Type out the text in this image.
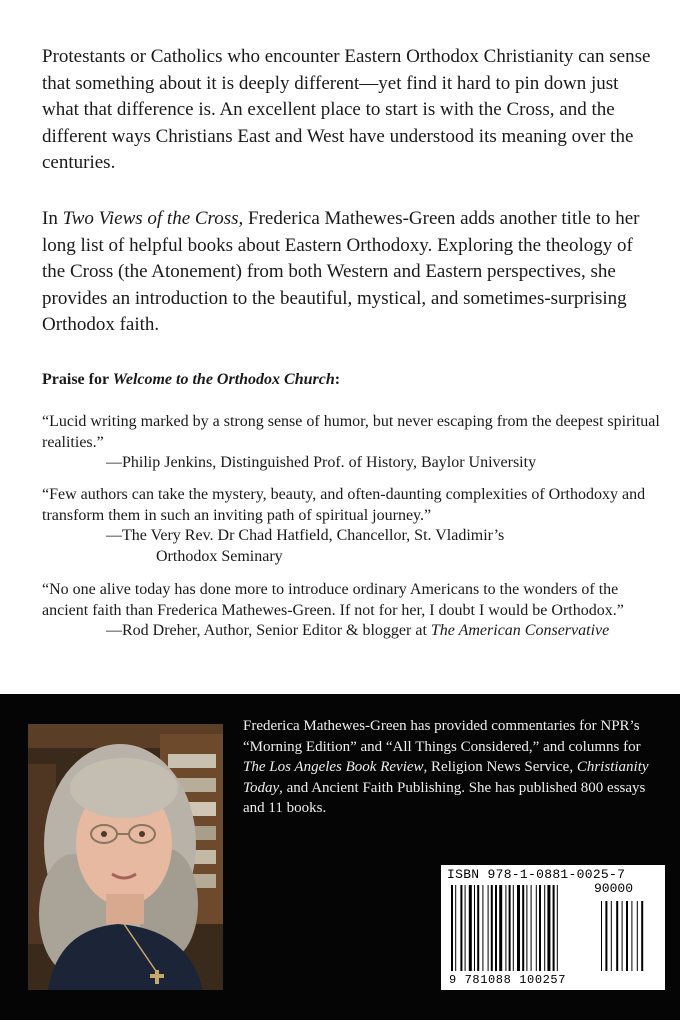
Protestants or Catholics who encounter Eastern Orthodox Christianity can sense that something about it is deeply different—yet find it hard to pin down just what that difference is. An excellent place to start is with the Cross, and the different ways Christians East and West have understood its meaning over the centuries.

In Two Views of the Cross, Frederica Mathewes-Green adds another title to her long list of helpful books about Eastern Orthodoxy. Exploring the theology of the Cross (the Atonement) from both Western and Eastern perspectives, she provides an introduction to the beautiful, mystical, and sometimes-surprising Orthodox faith.

Praise for Welcome to the Orthodox Church:

“Lucid writing marked by a strong sense of humor, but never escaping from the deepest spiritual realities.”
—Philip Jenkins, Distinguished Prof. of History, Baylor University

“Few authors can take the mystery, beauty, and often-daunting complexities of Orthodoxy and transform them in such an inviting path of spiritual journey.”
—The Very Rev. Dr Chad Hatfield, Chancellor, St. Vladimir’s
Orthodox Seminary

“No one alive today has done more to introduce ordinary Americans to the wonders of the ancient faith than Frederica Mathewes-Green. If not for her, I doubt I would be Orthodox.”
—Rod Dreher, Author, Senior Editor & blogger at The American Conservative

Frederica Mathewes-Green has provided commentaries for NPR’s “Morning Edition” and “All Things Considered,” and columns for The Los Angeles Book Review, Religion News Service, Christianity Today, and Ancient Faith Publishing. She has published 800 essays and 11 books.

ISBN 978-1-0881-0025-7
90000
9 781088 100257
